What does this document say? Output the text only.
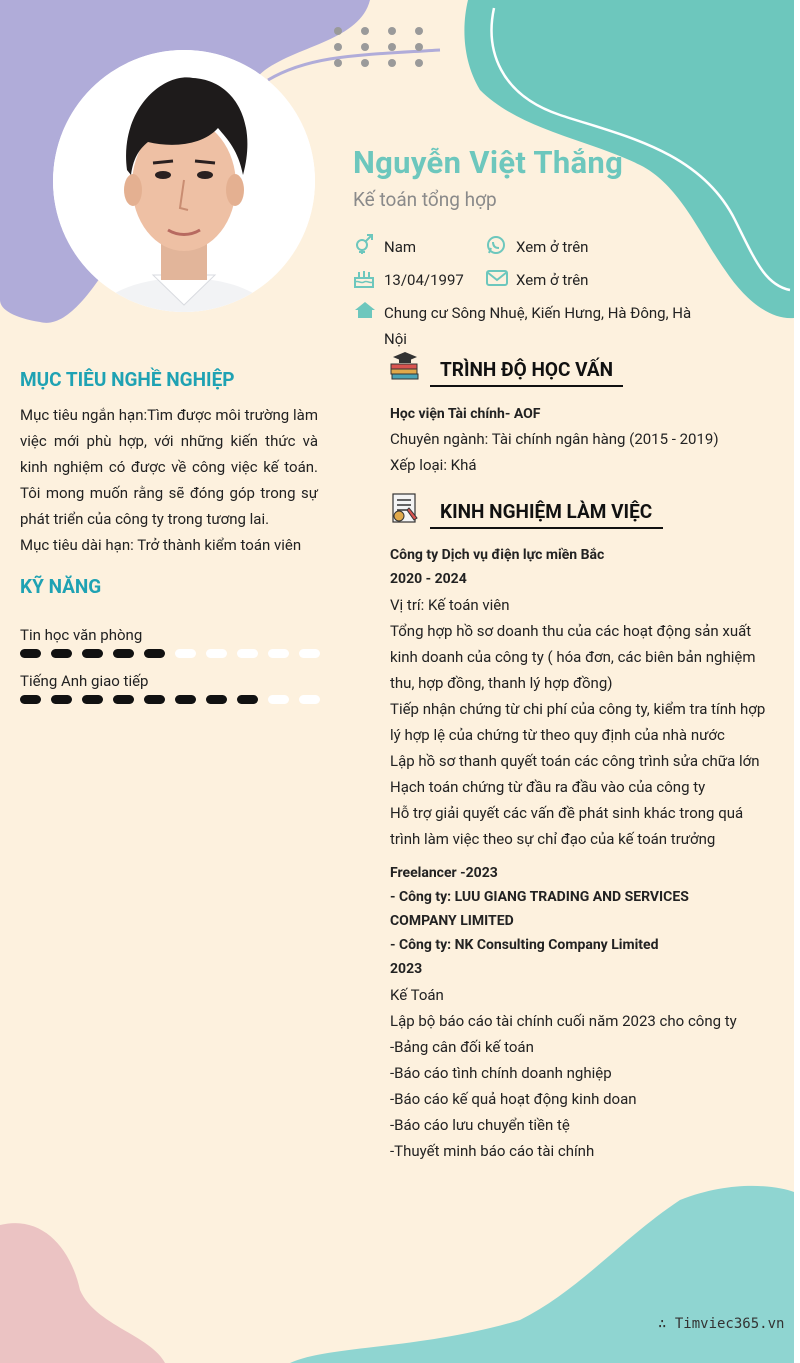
Nguyễn Việt Thắng
Kế toán tổng hợp
Nam	Xem ở trên
13/04/1997	Xem ở trên
Chung cư Sông Nhuệ, Kiến Hưng, Hà Đông, Hà
Nội
MỤC TIÊU NGHỀ NGHIỆP

Mục tiêu ngắn hạn:Tìm được môi trường làm việc mới phù hợp, với những kiến thức và kinh nghiệm có được về công việc kế toán. Tôi mong muốn rằng sẽ đóng góp trong sự phát triển của công ty trong tương lai.

Mục tiêu dài hạn: Trở thành kiểm toán viên

KỸ NĂNG
Tin học văn phòng
Tiếng Anh giao tiếp
TRÌNH ĐỘ HỌC VẤN
Học viện Tài chính- AOF
Chuyên ngành: Tài chính ngân hàng (2015 - 2019)
Xếp loại: Khá
KINH NGHIỆM LÀM VIỆC
Công ty Dịch vụ điện lực miền Bắc
2020 - 2024
Vị trí: Kế toán viên
Tổng hợp hồ sơ doanh thu của các hoạt động sản xuất
kinh doanh của công ty ( hóa đơn, các biên bản nghiệm
thu, hợp đồng, thanh lý hợp đồng)
Tiếp nhận chứng từ chi phí của công ty, kiểm tra tính hợp
lý hợp lệ của chứng từ theo quy định của nhà nước
Lập hồ sơ thanh quyết toán các công trình sửa chữa lớn
Hạch toán chứng từ đầu ra đầu vào của công ty
Hỗ trợ giải quyết các vấn đề phát sinh khác trong quá
trình làm việc theo sự chỉ đạo của kế toán trưởng
Freelancer -2023
- Công ty: LUU GIANG TRADING AND SERVICES
COMPANY LIMITED
- Công ty: NK Consulting Company Limited
2023
Kế Toán
Lập bộ báo cáo tài chính cuối năm 2023 cho công ty
-Bảng cân đối kế toán
-Báo cáo tình chính doanh nghiệp
-Báo cáo kế quả hoạt động kinh doan
-Báo cáo lưu chuyển tiền tệ
-Thuyết minh báo cáo tài chính
∴ Timviec365.vn
